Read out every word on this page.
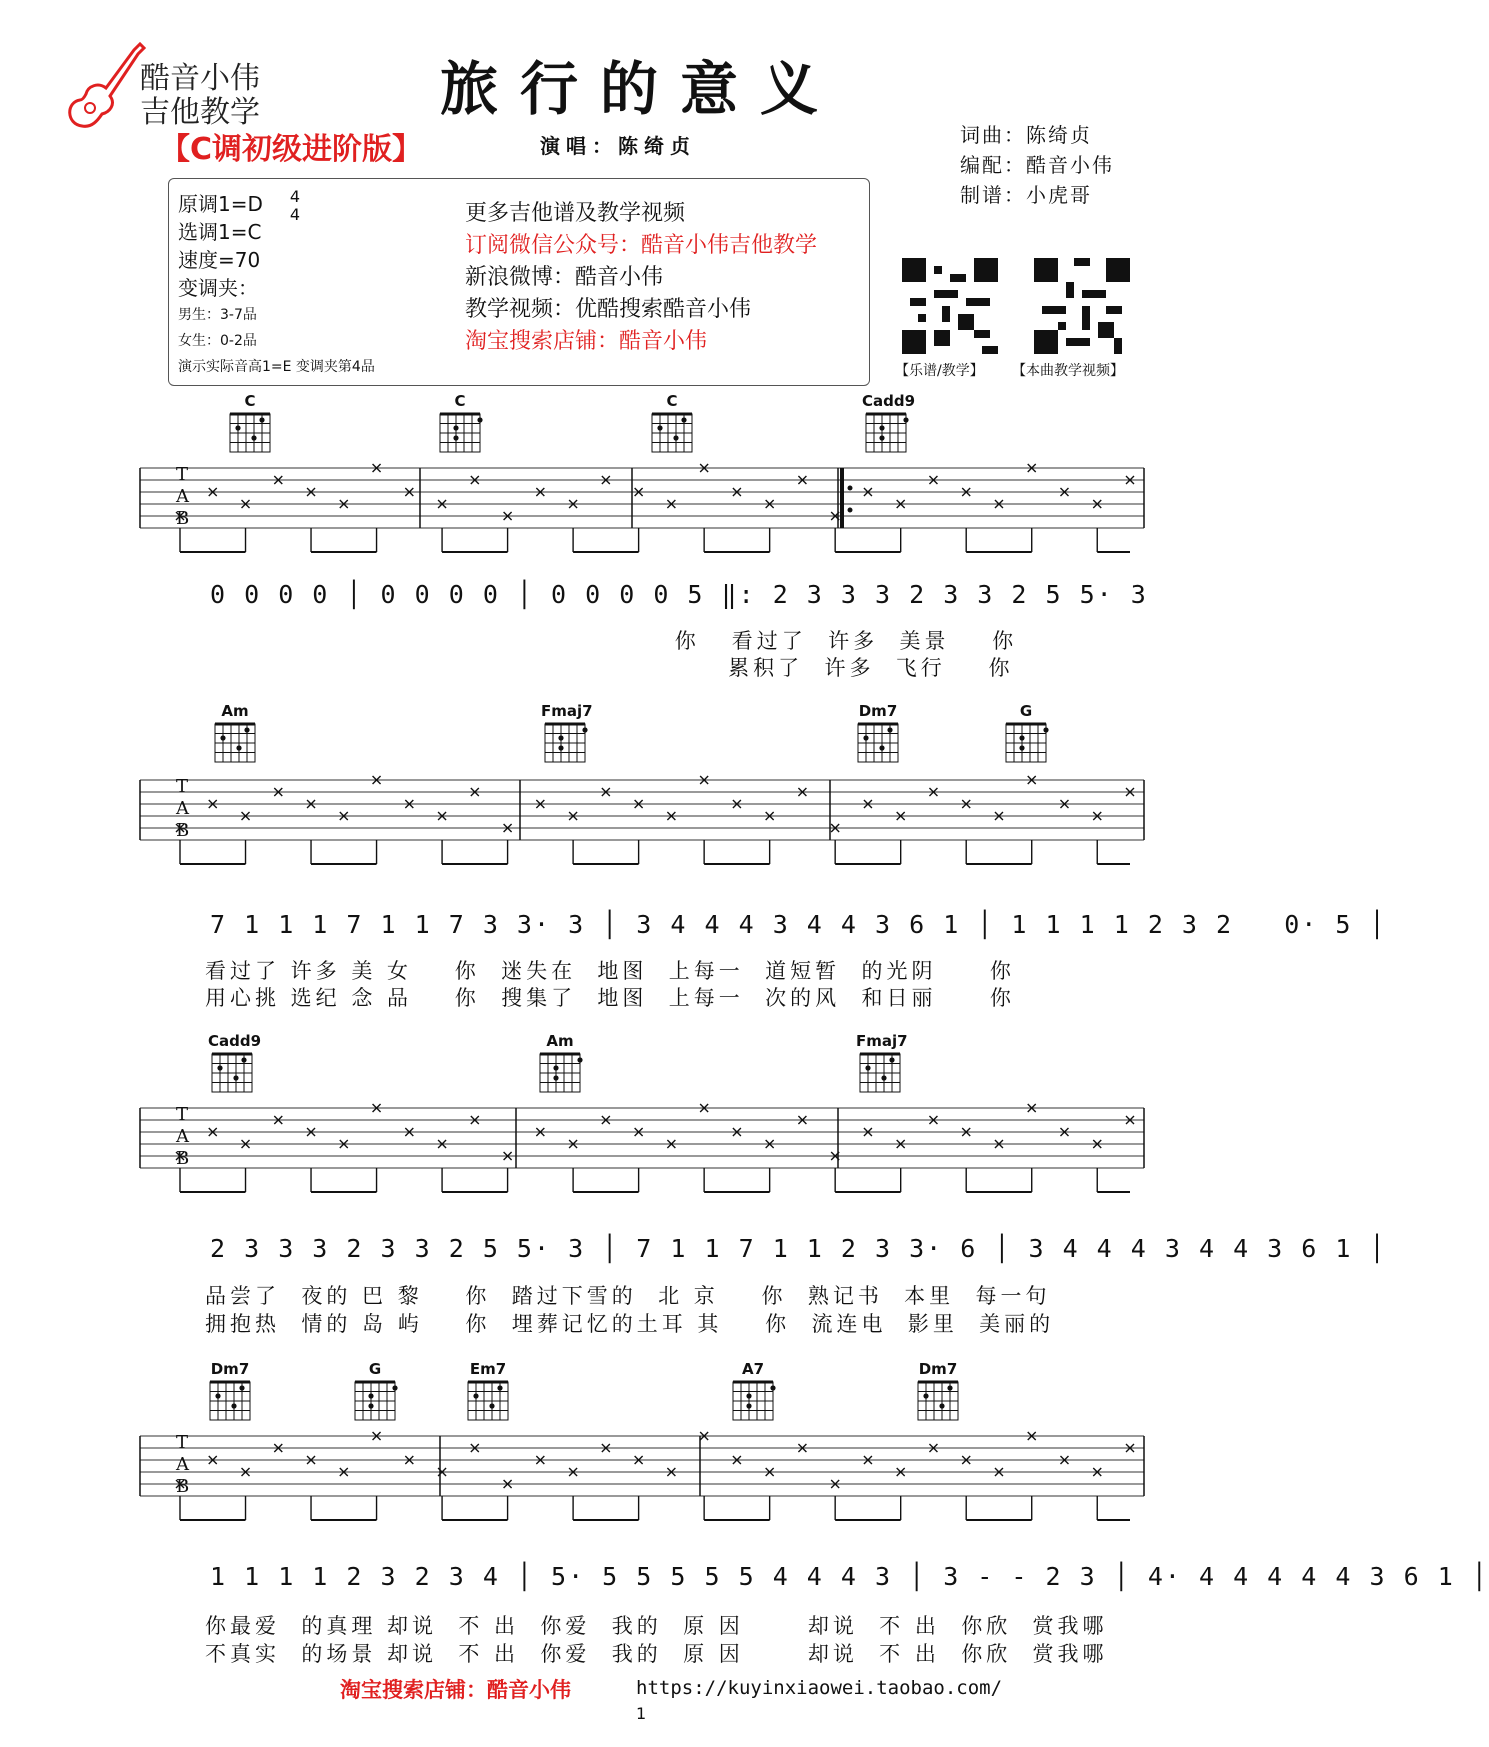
酷音小伟
吉他教学
【C调初级进阶版】
旅行的意义
演唱：陈绮贞	词曲：陈绮贞
编配：酷音小伟
制谱：小虎哥
原调1=D
选调1=C
速度=70
变调夹：
男生：3-7品
女生：0-2品
演示实际音高1=E 变调夹第4品
4
4	更多吉他谱及教学视频
订阅微信公众号：酷音小伟吉他教学
新浪微博：酷音小伟
教学视频：优酷搜索酷音小伟
淘宝搜索店铺：酷音小伟
【乐谱/教学】 【本曲教学视频】
C	C	C	Cadd9
T
A
B
0 0 0 0 │ 0 0 0 0 │ 0 0 0 0 5 ‖: 2 3 3 3 2 3 3 2 5 5· 3
你   看过了  许多  美景    你
累积了  许多  飞行    你
Am	Fmaj7	Dm7	G
T
A
B
7 1 1 1 7 1 1 7 3 3· 3 │ 3 4 4 4 3 4 4 3 6 1 │ 1 1 1 1 2 3 2   0· 5 │
看过了 许多 美 女    你  迷失在  地图  上每一  道短暂  的光阴     你
用心挑 选纪 念 品    你  搜集了  地图  上每一  次的风  和日丽     你
Cadd9	Am	Fmaj7
T
A
B
2 3 3 3 2 3 3 2 5 5· 3 │ 7 1 1 7 1 1 2 3 3· 6 │ 3 4 4 4 3 4 4 3 6 1 │
品尝了  夜的 巴 黎    你  踏过下雪的  北 京    你  熟记书  本里  每一句
拥抱热  情的 岛 屿    你  埋葬记忆的土耳 其    你  流连电  影里  美丽的
Dm7	G	Em7	A7	Dm7
T
A
B
1 1 1 1 2 3 2 3 4 │ 5· 5 5 5 5 5 4 4 4 3 │ 3 - - 2 3 │ 4· 4 4 4 4 4 3 6 1 │
你最爱  的真理 却说  不 出  你爱  我的  原 因      却说  不 出  你欣  赏我哪
不真实  的场景 却说  不 出  你爱  我的  原 因      却说  不 出  你欣  赏我哪
淘宝搜索店铺：酷音小伟	https://kuyinxiaowei.taobao.com/
1
